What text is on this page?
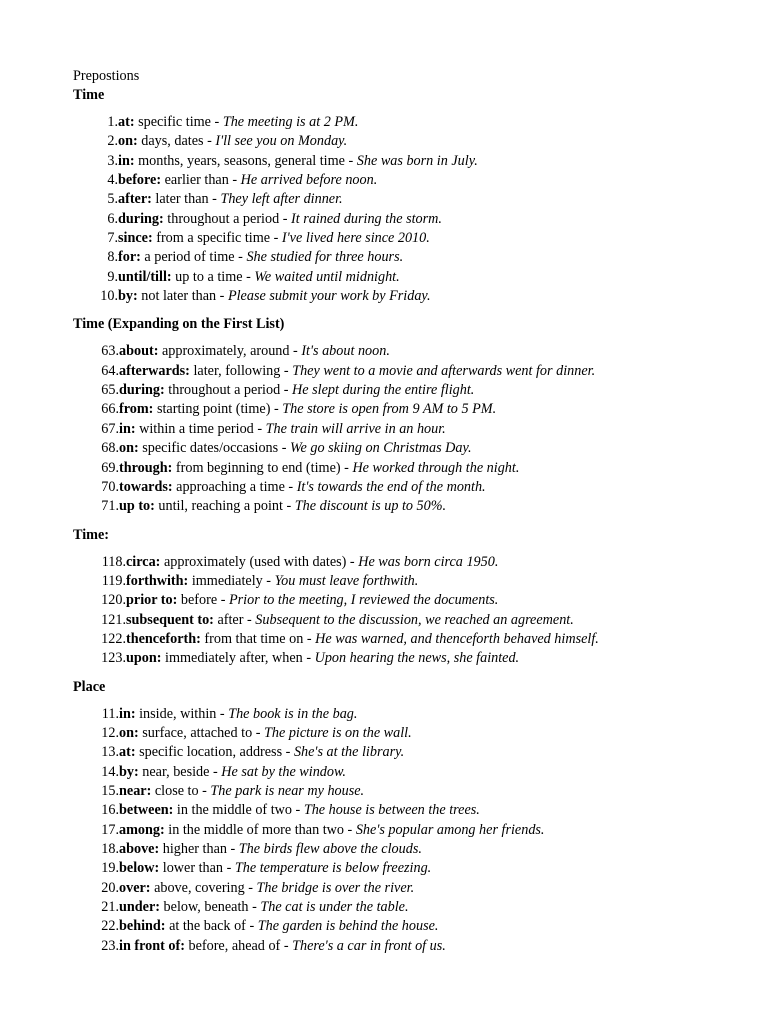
Prepostions
Time
1.at: specific time - The meeting is at 2 PM.
2.on: days, dates - I'll see you on Monday.
3.in: months, years, seasons, general time - She was born in July.
4.before: earlier than - He arrived before noon.
5.after: later than - They left after dinner.
6.during: throughout a period - It rained during the storm.
7.since: from a specific time - I've lived here since 2010.
8.for: a period of time - She studied for three hours.
9.until/till: up to a time - We waited until midnight.
10.by: not later than - Please submit your work by Friday.
Time (Expanding on the First List)
63.about: approximately, around - It's about noon.
64.afterwards: later, following - They went to a movie and afterwards went for dinner.
65.during: throughout a period - He slept during the entire flight.
66.from: starting point (time) - The store is open from 9 AM to 5 PM.
67.in: within a time period - The train will arrive in an hour.
68.on: specific dates/occasions - We go skiing on Christmas Day.
69.through: from beginning to end (time) - He worked through the night.
70.towards: approaching a time - It's towards the end of the month.
71.up to: until, reaching a point - The discount is up to 50%.
Time:
118.circa: approximately (used with dates) - He was born circa 1950.
119.forthwith: immediately - You must leave forthwith.
120.prior to: before - Prior to the meeting, I reviewed the documents.
121.subsequent to: after - Subsequent to the discussion, we reached an agreement.
122.thenceforth: from that time on - He was warned, and thenceforth behaved himself.
123.upon: immediately after, when - Upon hearing the news, she fainted.
Place
11.in: inside, within - The book is in the bag.
12.on: surface, attached to - The picture is on the wall.
13.at: specific location, address - She's at the library.
14.by: near, beside - He sat by the window.
15.near: close to - The park is near my house.
16.between: in the middle of two - The house is between the trees.
17.among: in the middle of more than two - She's popular among her friends.
18.above: higher than - The birds flew above the clouds.
19.below: lower than - The temperature is below freezing.
20.over: above, covering - The bridge is over the river.
21.under: below, beneath - The cat is under the table.
22.behind: at the back of - The garden is behind the house.
23.in front of: before, ahead of - There's a car in front of us.
